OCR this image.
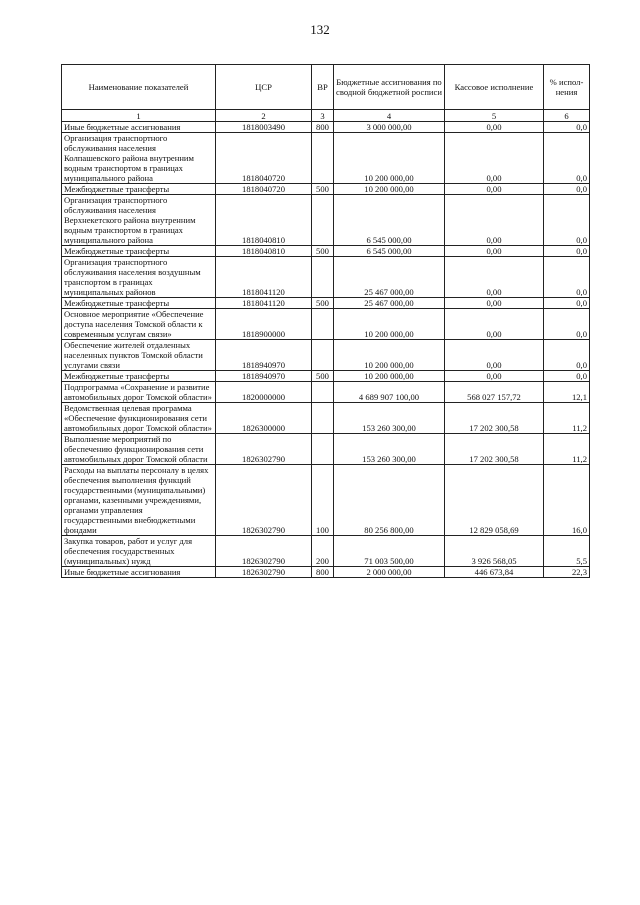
132
Наименование показателей	ЦСР	ВР	Бюджетные ассигнования по сводной бюджетной росписи	Кассовое исполнение	% испол-нения
1	2	3	4	5	6
Иные бюджетные ассигнования	1818003490	800	3 000 000,00	0,00	0,0
Организация транспортного обслуживания населения Колпашевского района внутренним водным транспортом в границах муниципального района	1818040720		10 200 000,00	0,00	0,0
Межбюджетные трансферты	1818040720	500	10 200 000,00	0,00	0,0
Организация транспортного обслуживания населения Верхнекетского района внутренним водным транспортом в границах муниципального района	1818040810		6 545 000,00	0,00	0,0
Межбюджетные трансферты	1818040810	500	6 545 000,00	0,00	0,0
Организация транспортного обслуживания населения воздушным транспортом в границах муниципальных районов	1818041120		25 467 000,00	0,00	0,0
Межбюджетные трансферты	1818041120	500	25 467 000,00	0,00	0,0
Основное мероприятие «Обеспечение доступа населения Томской области к современным услугам связи»	1818900000		10 200 000,00	0,00	0,0
Обеспечение жителей отдаленных населенных пунктов Томской области услугами связи	1818940970		10 200 000,00	0,00	0,0
Межбюджетные трансферты	1818940970	500	10 200 000,00	0,00	0,0
Подпрограмма «Сохранение и развитие автомобильных дорог Томской области»	1820000000		4 689 907 100,00	568 027 157,72	12,1
Ведомственная целевая программа «Обеспечение функционирования сети автомобильных дорог Томской области»	1826300000		153 260 300,00	17 202 300,58	11,2
Выполнение мероприятий по обеспечению функционирования сети автомобильных дорог Томской области	1826302790		153 260 300,00	17 202 300,58	11,2
Расходы на выплаты персоналу в целях обеспечения выполнения функций государственными (муниципальными) органами, казенными учреждениями, органами управления государственными внебюджетными фондами	1826302790	100	80 256 800,00	12 829 058,69	16,0
Закупка товаров, работ и услуг для обеспечения государственных (муниципальных) нужд	1826302790	200	71 003 500,00	3 926 568,05	5,5
Иные бюджетные ассигнования	1826302790	800	2 000 000,00	446 673,84	22,3
